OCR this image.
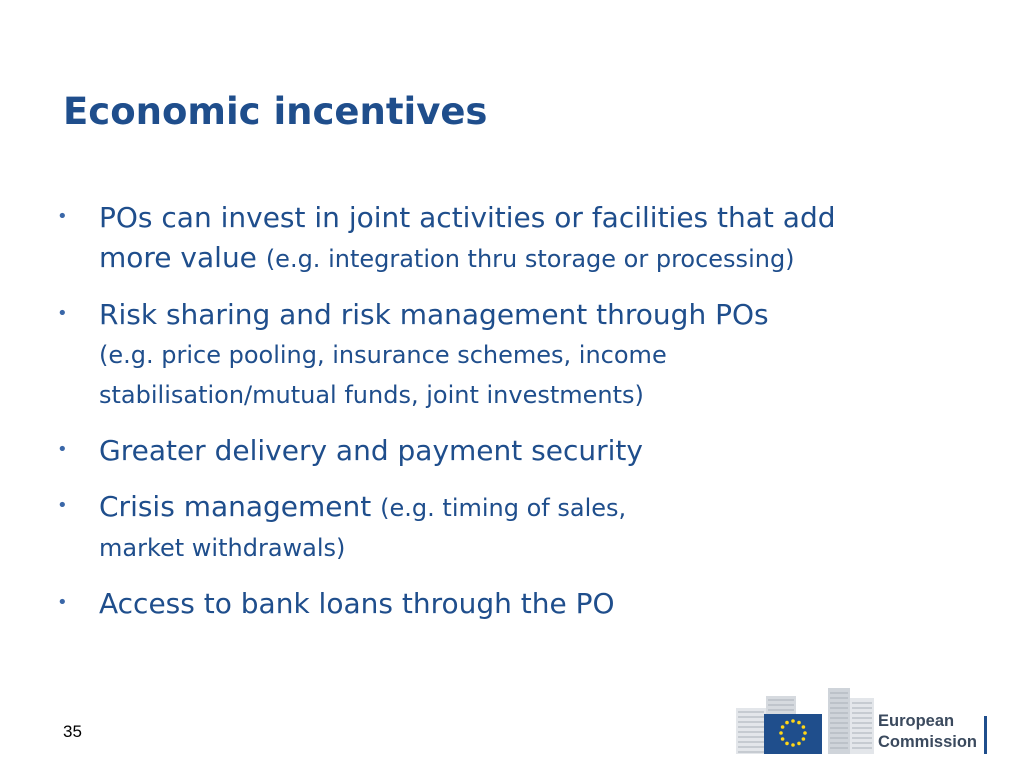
Economic incentives
• POs can invest in joint activities or facilities that add
more value (e.g. integration thru storage or processing)
• Risk sharing and risk management through POs
(e.g. price pooling, insurance schemes, income
stabilisation/mutual funds, joint investments)
• Greater delivery and payment security
• Crisis management (e.g. timing of sales,
market withdrawals)
• Access to bank loans through the PO
35
European
Commission
